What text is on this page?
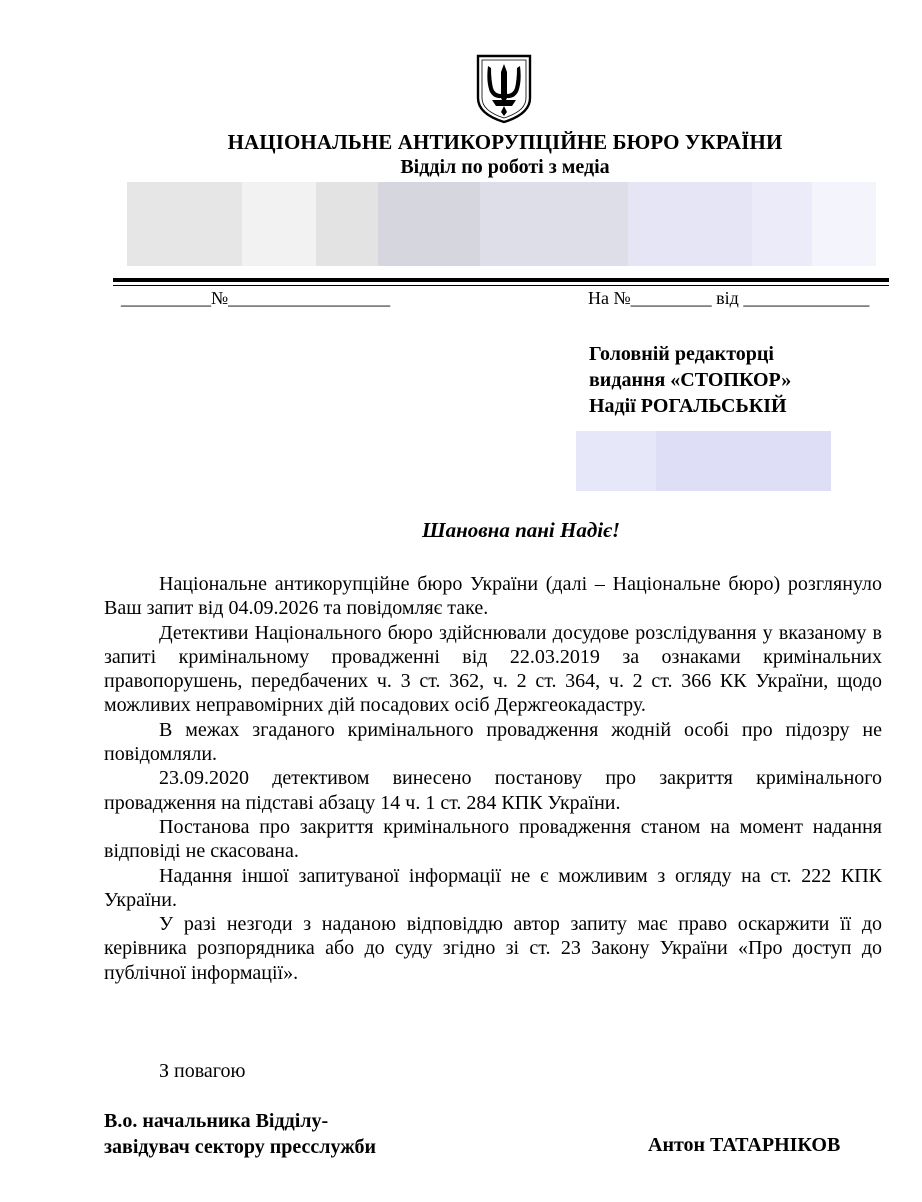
НАЦІОНАЛЬНЕ АНТИКОРУПЦІЙНЕ БЮРО УКРАЇНИ
Відділ по роботі з медіа
__________№__________________	На №_________ від ______________
Головній редакторці
видання «СТОПКОР»
Надії РОГАЛЬСЬКІЙ
Шановна пані Надіє!

Національне антикорупційне бюро України (далі – Національне бюро) розглянуло Ваш запит від 04.09.2026 та повідомляє таке.

Детективи Національного бюро здійснювали досудове розслідування у вказаному в запиті кримінальному провадженні від 22.03.2019 за ознаками кримінальних правопорушень, передбачених ч. 3 ст. 362, ч. 2 ст. 364, ч. 2 ст. 366 КК України, щодо можливих неправомірних дій посадових осіб Держгеокадастру.

В межах згаданого кримінального провадження жодній особі про підозру не повідомляли.

23.09.2020 детективом винесено постанову про закриття кримінального провадження на підставі абзацу 14 ч. 1 ст. 284 КПК України.

Постанова про закриття кримінального провадження станом на момент надання відповіді не скасована.

Надання іншої запитуваної інформації не є можливим з огляду на ст. 222 КПК України.

У разі незгоди з наданою відповіддю автор запиту має право оскаржити її до керівника розпорядника або до суду згідно зі ст. 23 Закону України «Про доступ до публічної інформації».

З повагою
В.о. начальника Відділу-
завідувач сектору пресслужби	Антон ТАТАРНІКОВ
